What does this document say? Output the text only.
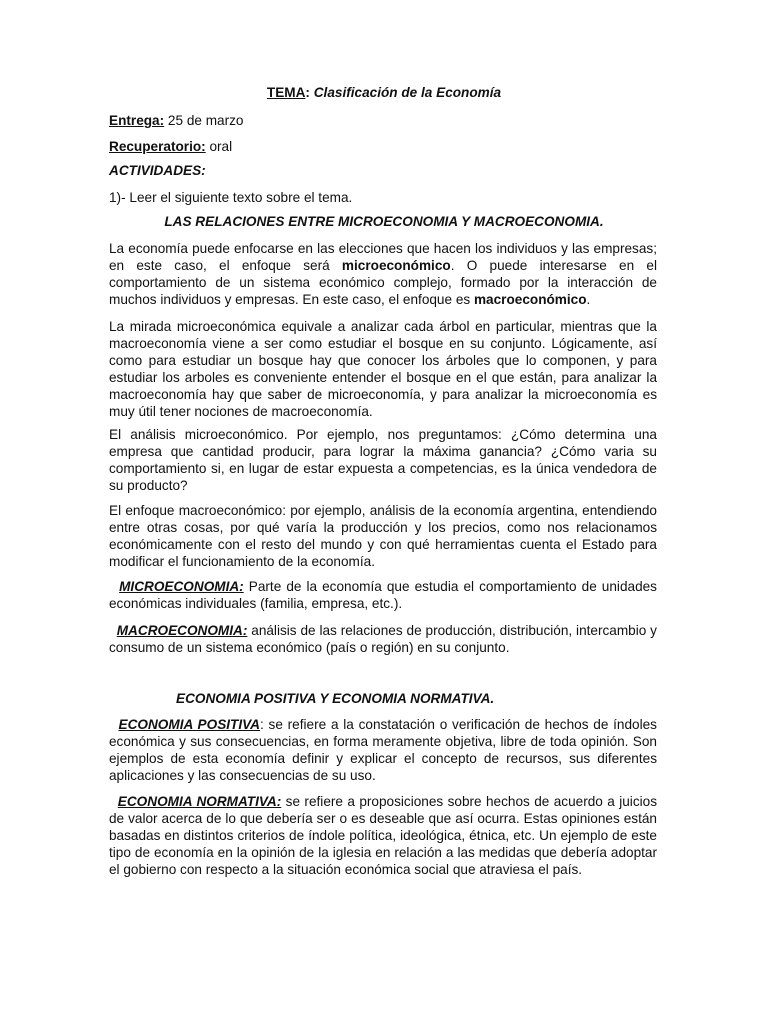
TEMA: Clasificación de la Economía
Entrega: 25 de marzo
Recuperatorio: oral
ACTIVIDADES:
1)- Leer el siguiente texto sobre el tema.
LAS RELACIONES ENTRE MICROECONOMIA Y MACROECONOMIA.
La economía puede enfocarse en las elecciones que hacen los individuos y las empresas; en este caso, el enfoque será microeconómico. O puede interesarse en el comportamiento de un sistema económico complejo, formado por la interacción de muchos individuos y empresas. En este caso, el enfoque es macroeconómico.
La mirada microeconómica equivale a analizar cada árbol en particular, mientras que la macroeconomía viene a ser como estudiar el bosque en su conjunto. Lógicamente, así como para estudiar un bosque hay que conocer los árboles que lo componen, y para estudiar los arboles es conveniente entender el bosque en el que están, para analizar la macroeconomía hay que saber de microeconomía, y para analizar la microeconomía es muy útil tener nociones de macroeconomía.
El análisis microeconómico. Por ejemplo, nos preguntamos: ¿Cómo determina una empresa que cantidad producir, para lograr la máxima ganancia? ¿Cómo varia su comportamiento si, en lugar de estar expuesta a competencias, es la única vendedora de su producto?
El enfoque macroeconómico: por ejemplo, análisis de la economía argentina, entendiendo entre otras cosas, por qué varía la producción y los precios, como nos relacionamos económicamente con el resto del mundo y con qué herramientas cuenta el Estado para modificar el funcionamiento de la economía.
MICROECONOMIA: Parte de la economía que estudia el comportamiento de unidades económicas individuales (familia, empresa, etc.).
MACROECONOMIA: análisis de las relaciones de producción, distribución, intercambio y consumo de un sistema económico (país o región) en su conjunto.
ECONOMIA POSITIVA Y ECONOMIA NORMATIVA.
ECONOMIA POSITIVA: se refiere a la constatación o verificación de hechos de índoles económica y sus consecuencias, en forma meramente objetiva, libre de toda opinión. Son ejemplos de esta economía definir y explicar el concepto de recursos, sus diferentes aplicaciones y las consecuencias de su uso.
ECONOMIA NORMATIVA: se refiere a proposiciones sobre hechos de acuerdo a juicios de valor acerca de lo que debería ser o es deseable que así ocurra. Estas opiniones están basadas en distintos criterios de índole política, ideológica, étnica, etc. Un ejemplo de este tipo de economía en la opinión de la iglesia en relación a las medidas que debería adoptar el gobierno con respecto a la situación económica social que atraviesa el país.
